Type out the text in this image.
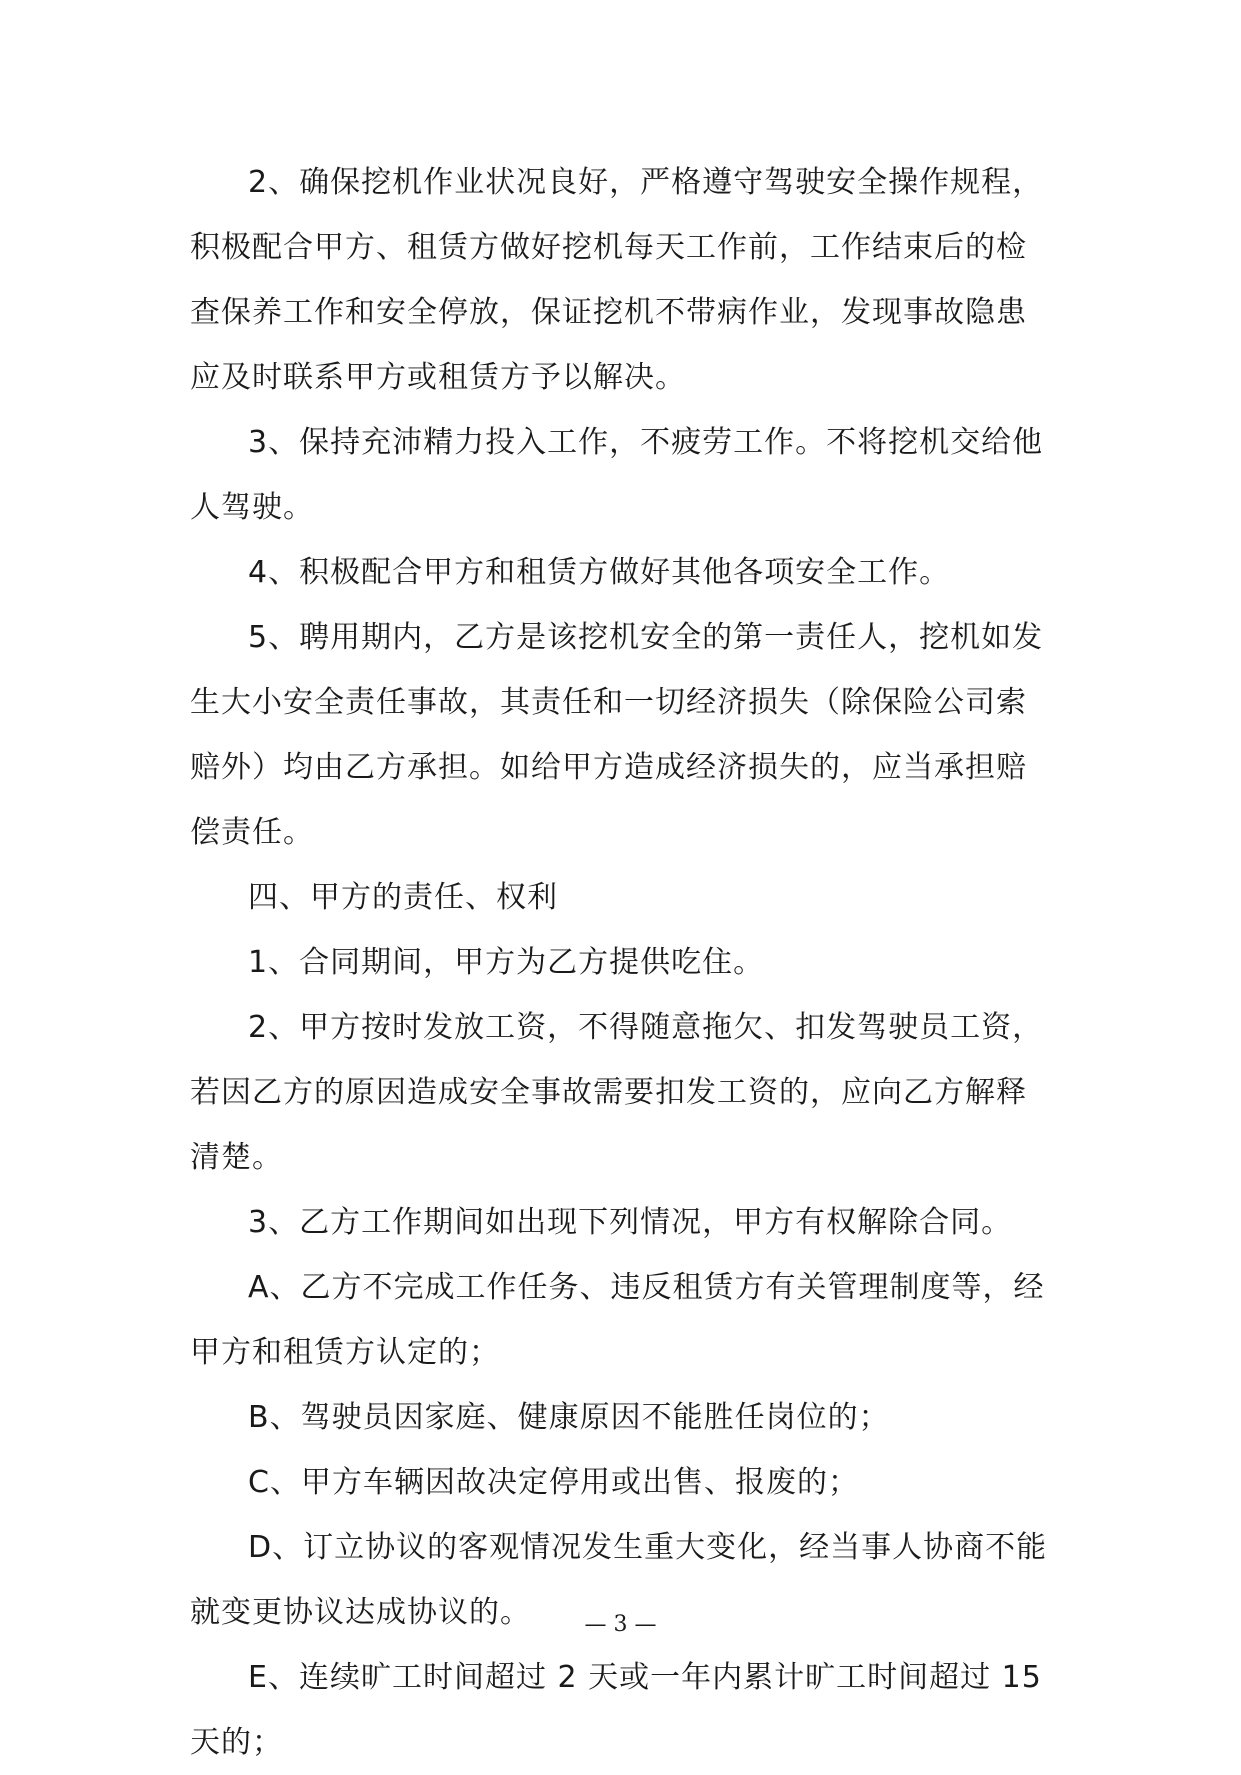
2、确保挖机作业状况良好，严格遵守驾驶安全操作规程，积极配合甲方、租赁方做好挖机每天工作前，工作结束后的检查保养工作和安全停放，保证挖机不带病作业，发现事故隐患应及时联系甲方或租赁方予以解决。

3、保持充沛精力投入工作，不疲劳工作。不将挖机交给他人驾驶。

4、积极配合甲方和租赁方做好其他各项安全工作。

5、聘用期内，乙方是该挖机安全的第一责任人，挖机如发生大小安全责任事故，其责任和一切经济损失（除保险公司索赔外）均由乙方承担。如给甲方造成经济损失的，应当承担赔偿责任。

四、甲方的责任、权利

1、合同期间，甲方为乙方提供吃住。

2、甲方按时发放工资，不得随意拖欠、扣发驾驶员工资，若因乙方的原因造成安全事故需要扣发工资的，应向乙方解释清楚。

3、乙方工作期间如出现下列情况，甲方有权解除合同。

A、乙方不完成工作任务、违反租赁方有关管理制度等，经甲方和租赁方认定的；

B、驾驶员因家庭、健康原因不能胜任岗位的；

C、甲方车辆因故决定停用或出售、报废的；

D、订立协议的客观情况发生重大变化，经当事人协商不能就变更协议达成协议的。

E、连续旷工时间超过 2 天或一年内累计旷工时间超过 15 天的；

— 3 —
